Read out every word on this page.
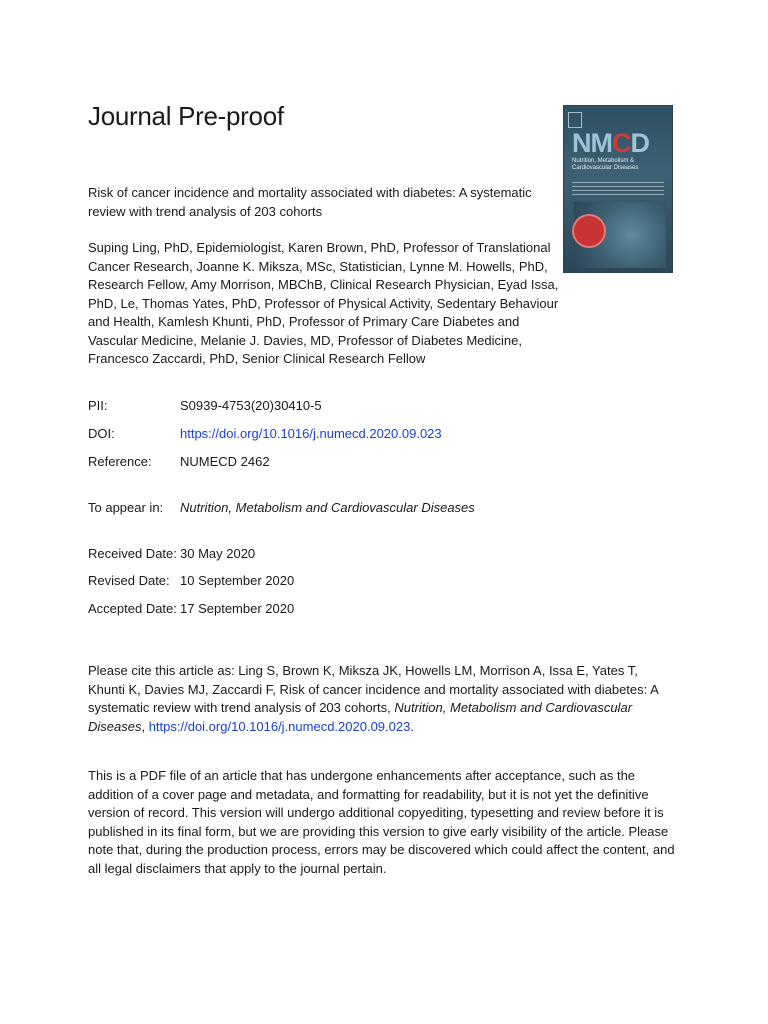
Journal Pre-proof
NMCD
Nutrition, Metabolism & Cardiovascular Diseases
Risk of cancer incidence and mortality associated with diabetes: A systematic review with trend analysis of 203 cohorts

Suping Ling, PhD, Epidemiologist, Karen Brown, PhD, Professor of Translational Cancer Research, Joanne K. Miksza, MSc, Statistician, Lynne M. Howells, PhD, Research Fellow, Amy Morrison, MBChB, Clinical Research Physician, Eyad Issa, PhD, Le, Thomas Yates, PhD, Professor of Physical Activity, Sedentary Behaviour and Health, Kamlesh Khunti, PhD, Professor of Primary Care Diabetes and Vascular Medicine, Melanie J. Davies, MD, Professor of Diabetes Medicine, Francesco Zaccardi, PhD, Senior Clinical Research Fellow

PII:	S0939-4753(20)30410-5
DOI:	https://doi.org/10.1016/j.numecd.2020.09.023
Reference: NUMECD 2462
To appear in: Nutrition, Metabolism and Cardiovascular Diseases
Received Date: 30 May 2020
Revised Date: 10 September 2020
Accepted Date: 17 September 2020

Please cite this article as: Ling S, Brown K, Miksza JK, Howells LM, Morrison A, Issa E, Yates T, Khunti K, Davies MJ, Zaccardi F, Risk of cancer incidence and mortality associated with diabetes: A systematic review with trend analysis of 203 cohorts, Nutrition, Metabolism and Cardiovascular Diseases, https://doi.org/10.1016/j.numecd.2020.09.023.

This is a PDF file of an article that has undergone enhancements after acceptance, such as the addition of a cover page and metadata, and formatting for readability, but it is not yet the definitive version of record. This version will undergo additional copyediting, typesetting and review before it is published in its final form, but we are providing this version to give early visibility of the article. Please note that, during the production process, errors may be discovered which could affect the content, and all legal disclaimers that apply to the journal pertain.
